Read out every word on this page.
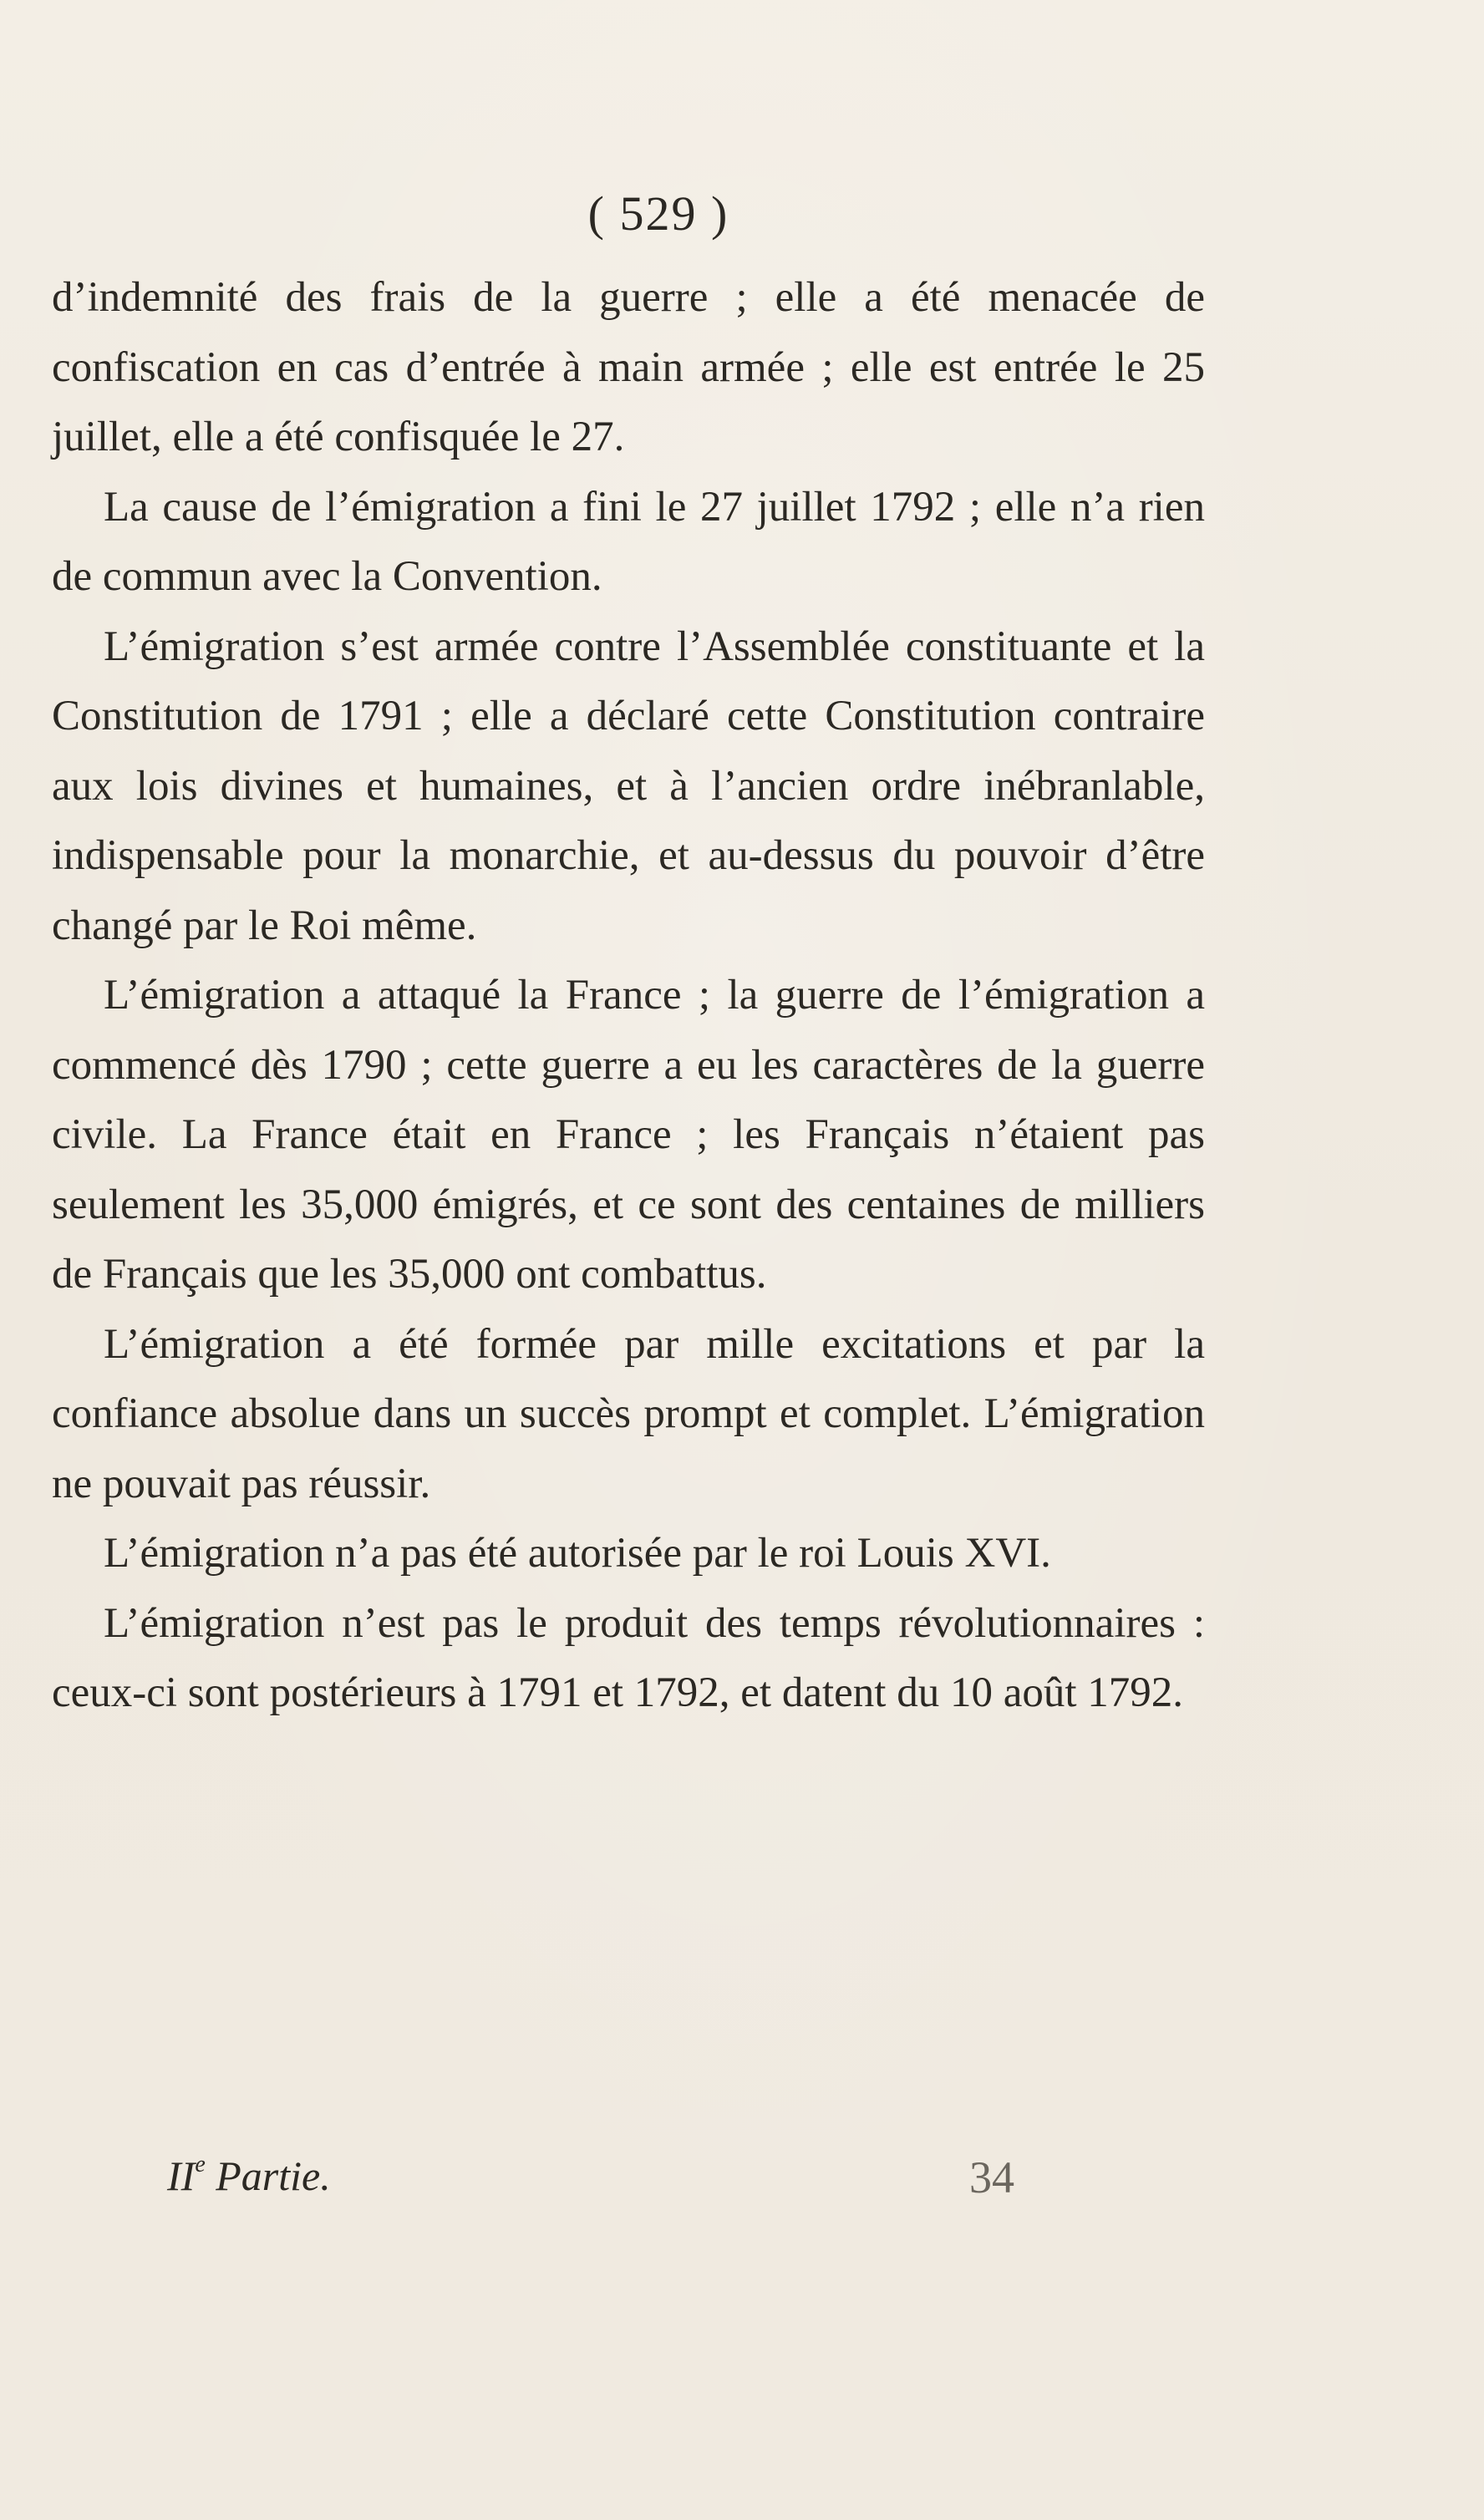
( 529 )

d’indemnité des frais de la guerre ; elle a été menacée de confiscation en cas d’entrée à main armée ; elle est entrée le 25 juillet, elle a été confisquée le 27.

La cause de l’émigration a fini le 27 juillet 1792 ; elle n’a rien de commun avec la Convention.

L’émigration s’est armée contre l’Assemblée constituante et la Constitution de 1791 ; elle a déclaré cette Constitution contraire aux lois divines et humaines, et à l’ancien ordre inébranlable, indispensable pour la monarchie, et au-dessus du pouvoir d’être changé par le Roi même.

L’émigration a attaqué la France ; la guerre de l’émigration a commencé dès 1790 ; cette guerre a eu les caractères de la guerre civile. La France était en France ; les Français n’étaient pas seulement les 35,000 émigrés, et ce sont des centaines de milliers de Français que les 35,000 ont combattus.

L’émigration a été formée par mille excitations et par la confiance absolue dans un succès prompt et complet. L’émigration ne pouvait pas réussir.

L’émigration n’a pas été autorisée par le roi Louis XVI.

L’émigration n’est pas le produit des temps révolutionnaires : ceux-ci sont postérieurs à 1791 et 1792, et datent du 10 août 1792.

IIe Partie.	34
